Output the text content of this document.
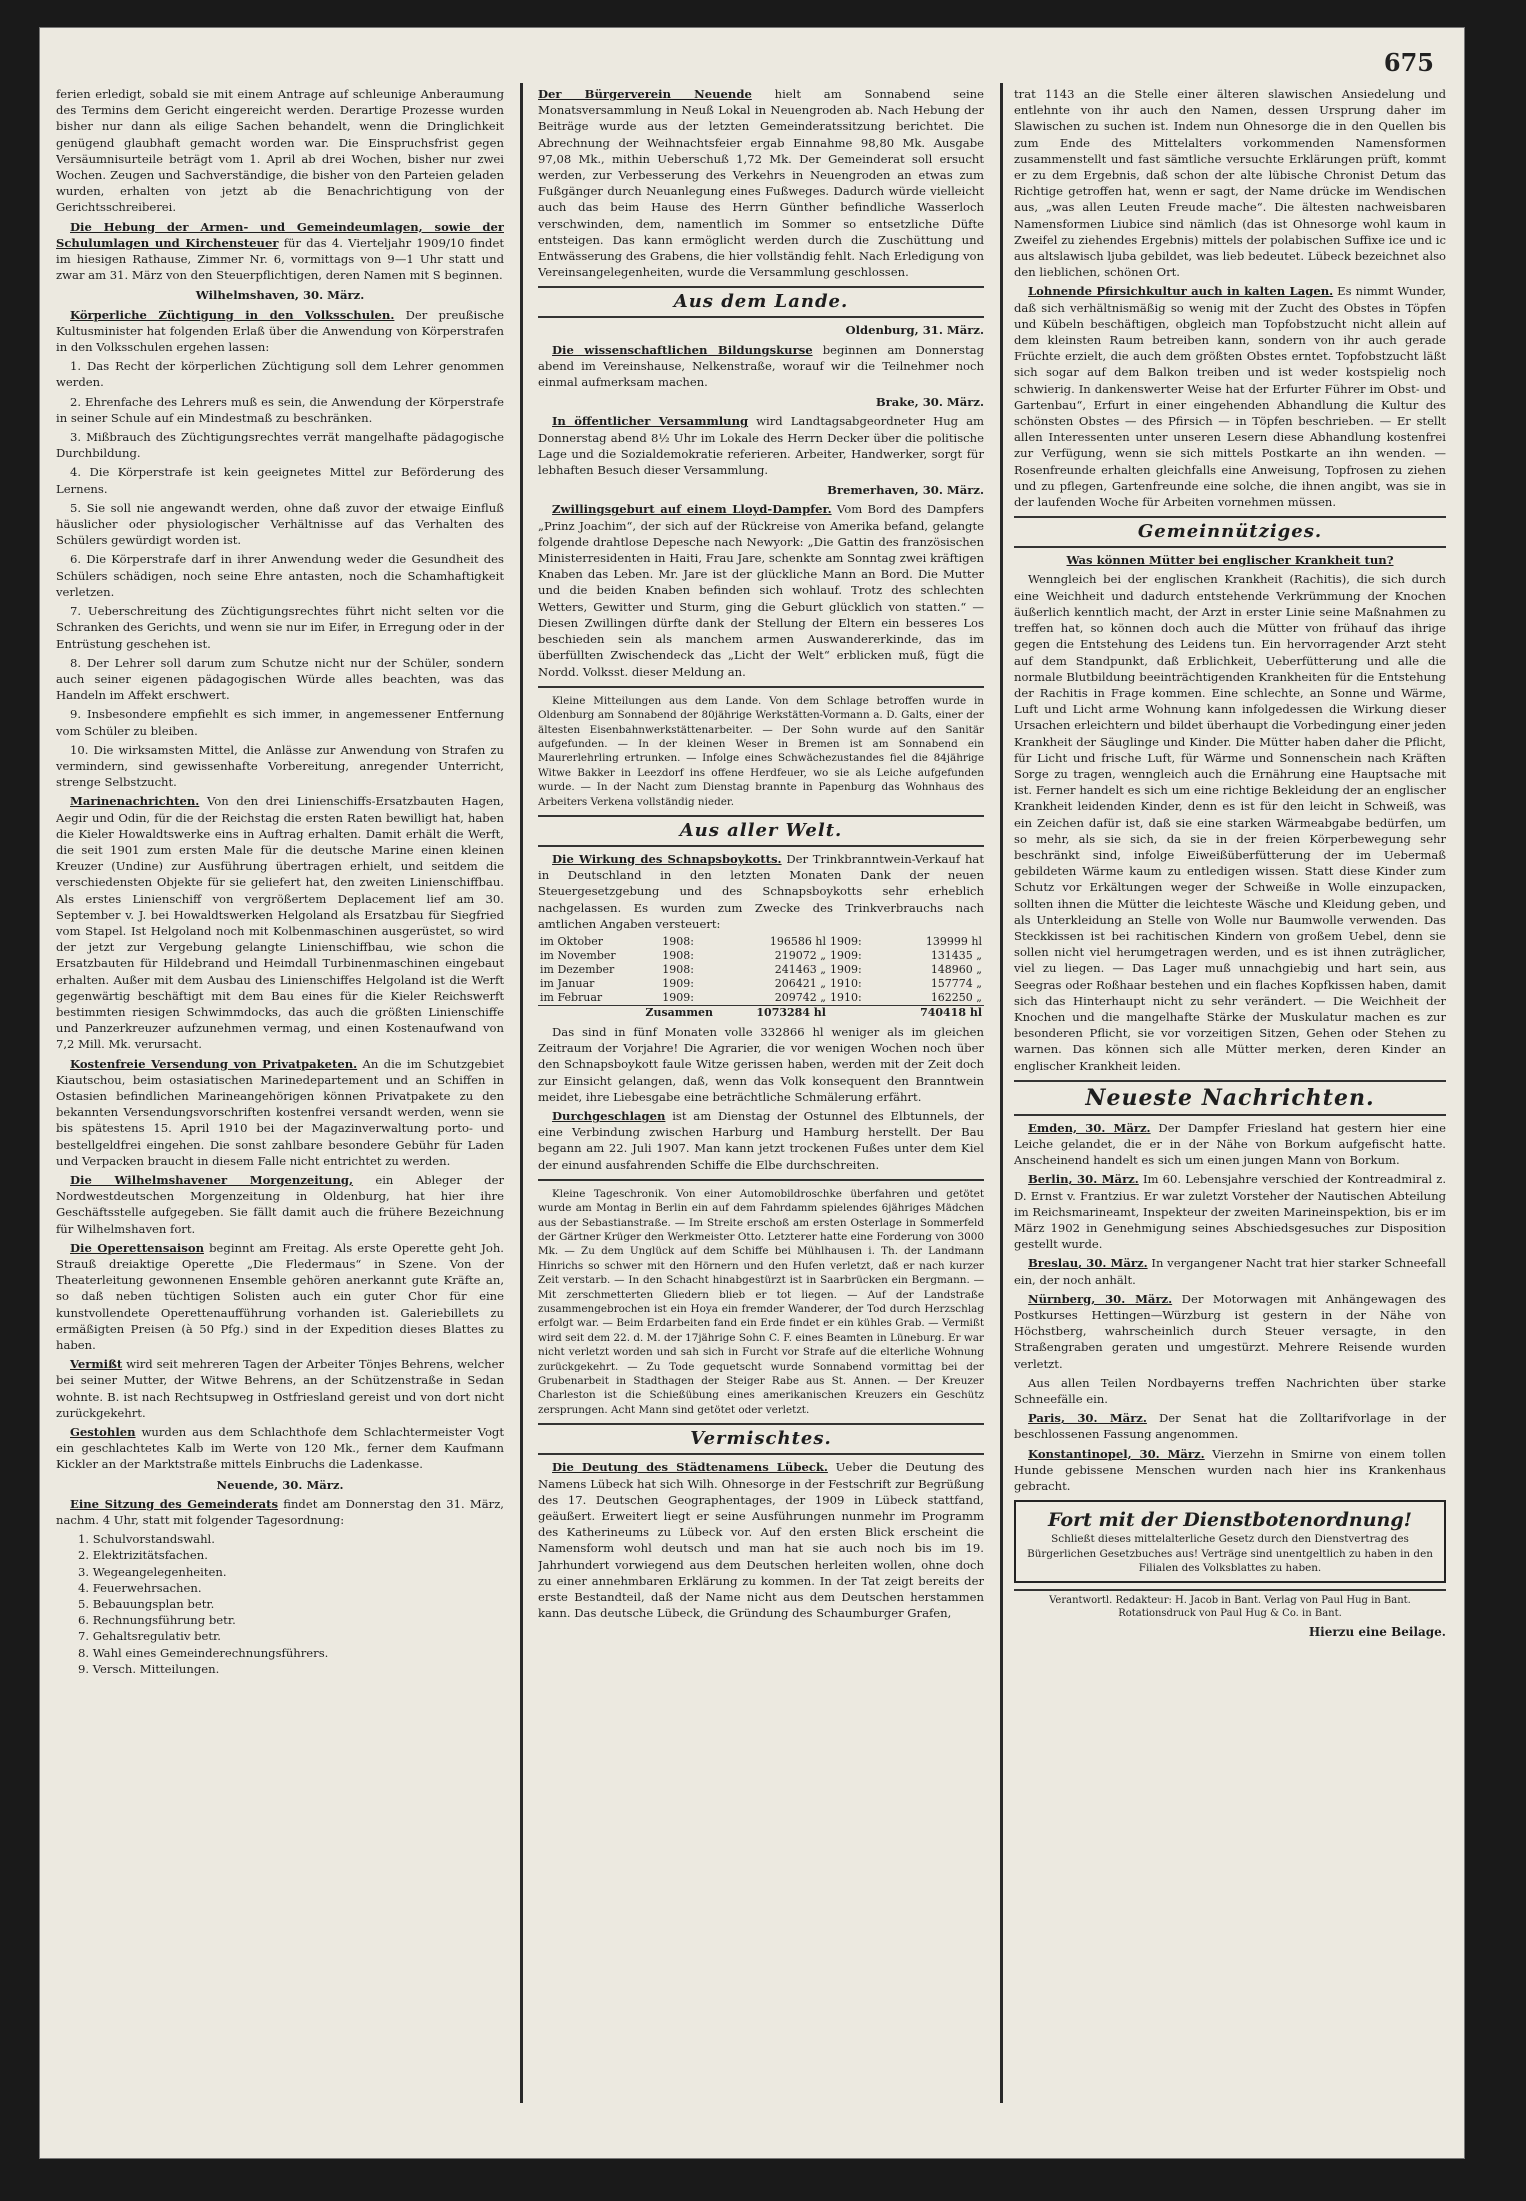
675

ferien erledigt, sobald sie mit einem Antrage auf schleunige Anberaumung des Termins dem Gericht eingereicht werden. Derartige Prozesse wurden bisher nur dann als eilige Sachen behandelt, wenn die Dringlichkeit genügend glaubhaft gemacht worden war. Die Einspruchsfrist gegen Versäumnisurteile beträgt vom 1. April ab drei Wochen, bisher nur zwei Wochen. Zeugen und Sachverständige, die bisher von den Parteien geladen wurden, erhalten von jetzt ab die Benachrichtigung von der Gerichtsschreiberei.

Die Hebung der Armen- und Gemeindeumlagen, sowie der Schulumlagen und Kirchensteuer für das 4. Vierteljahr 1909/10 findet im hiesigen Rathause, Zimmer Nr. 6, vormittags von 9—1 Uhr statt und zwar am 31. März von den Steuerpflichtigen, deren Namen mit S beginnen.

Wilhelmshaven, 30. März.

Körperliche Züchtigung in den Volksschulen. Der preußische Kultusminister hat folgenden Erlaß über die Anwendung von Körperstrafen in den Volksschulen ergehen lassen:

1. Das Recht der körperlichen Züchtigung soll dem Lehrer genommen werden.

2. Ehrenfache des Lehrers muß es sein, die Anwendung der Körperstrafe in seiner Schule auf ein Mindestmaß zu beschränken.

3. Mißbrauch des Züchtigungsrechtes verrät mangelhafte pädagogische Durchbildung.

4. Die Körperstrafe ist kein geeignetes Mittel zur Beförderung des Lernens.

5. Sie soll nie angewandt werden, ohne daß zuvor der etwaige Einfluß häuslicher oder physiologischer Verhältnisse auf das Verhalten des Schülers gewürdigt worden ist.

6. Die Körperstrafe darf in ihrer Anwendung weder die Gesundheit des Schülers schädigen, noch seine Ehre antasten, noch die Schamhaftigkeit verletzen.

7. Ueberschreitung des Züchtigungsrechtes führt nicht selten vor die Schranken des Gerichts, und wenn sie nur im Eifer, in Erregung oder in der Entrüstung geschehen ist.

8. Der Lehrer soll darum zum Schutze nicht nur der Schüler, sondern auch seiner eigenen pädagogischen Würde alles beachten, was das Handeln im Affekt erschwert.

9. Insbesondere empfiehlt es sich immer, in angemessener Entfernung vom Schüler zu bleiben.

10. Die wirksamsten Mittel, die Anlässe zur Anwendung von Strafen zu vermindern, sind gewissenhafte Vorbereitung, anregender Unterricht, strenge Selbstzucht.

Marinenachrichten. Von den drei Linienschiffs-Ersatzbauten Hagen, Aegir und Odin, für die der Reichstag die ersten Raten bewilligt hat, haben die Kieler Howaldtswerke eins in Auftrag erhalten. Damit erhält die Werft, die seit 1901 zum ersten Male für die deutsche Marine einen kleinen Kreuzer (Undine) zur Ausführung übertragen erhielt, und seitdem die verschiedensten Objekte für sie geliefert hat, den zweiten Linienschiffbau. Als erstes Linienschiff von vergrößertem Deplacement lief am 30. September v. J. bei Howaldtswerken Helgoland als Ersatzbau für Siegfried vom Stapel. Ist Helgoland noch mit Kolbenmaschinen ausgerüstet, so wird der jetzt zur Vergebung gelangte Linienschiffbau, wie schon die Ersatzbauten für Hildebrand und Heimdall Turbinenmaschinen eingebaut erhalten. Außer mit dem Ausbau des Linienschiffes Helgoland ist die Werft gegenwärtig beschäftigt mit dem Bau eines für die Kieler Reichswerft bestimmten riesigen Schwimmdocks, das auch die größten Linienschiffe und Panzerkreuzer aufzunehmen vermag, und einen Kostenaufwand von 7,2 Mill. Mk. verursacht.

Kostenfreie Versendung von Privatpaketen. An die im Schutzgebiet Kiautschou, beim ostasiatischen Marinedepartement und an Schiffen in Ostasien befindlichen Marineangehörigen können Privatpakete zu den bekannten Versendungsvorschriften kostenfrei versandt werden, wenn sie bis spätestens 15. April 1910 bei der Magazinverwaltung porto- und bestellgeldfrei eingehen. Die sonst zahlbare besondere Gebühr für Laden und Verpacken braucht in diesem Falle nicht entrichtet zu werden.

Die Wilhelmshavener Morgenzeitung, ein Ableger der Nordwestdeutschen Morgenzeitung in Oldenburg, hat hier ihre Geschäftsstelle aufgegeben. Sie fällt damit auch die frühere Bezeichnung für Wilhelmshaven fort.

Die Operettensaison beginnt am Freitag. Als erste Operette geht Joh. Strauß dreiaktige Operette „Die Fledermaus“ in Szene. Von der Theaterleitung gewonnenen Ensemble gehören anerkannt gute Kräfte an, so daß neben tüchtigen Solisten auch ein guter Chor für eine kunstvollendete Operettenaufführung vorhanden ist. Galeriebillets zu ermäßigten Preisen (à 50 Pfg.) sind in der Expedition dieses Blattes zu haben.

Vermißt wird seit mehreren Tagen der Arbeiter Tönjes Behrens, welcher bei seiner Mutter, der Witwe Behrens, an der Schützenstraße in Sedan wohnte. B. ist nach Rechtsupweg in Ostfriesland gereist und von dort nicht zurückgekehrt.

Gestohlen wurden aus dem Schlachthofe dem Schlachtermeister Vogt ein geschlachtetes Kalb im Werte von 120 Mk., ferner dem Kaufmann Kickler an der Marktstraße mittels Einbruchs die Ladenkasse.

Neuende, 30. März.

Eine Sitzung des Gemeinderats findet am Donnerstag den 31. März, nachm. 4 Uhr, statt mit folgender Tagesordnung:

1. Schulvorstandswahl.
2. Elektrizitätsfachen.
3. Wegeangelegenheiten.
4. Feuerwehrsachen.
5. Bebauungsplan betr.
6. Rechnungsführung betr.
7. Gehaltsregulativ betr.
8. Wahl eines Gemeinderechnungsführers.
9. Versch. Mitteilungen.

Der Bürgerverein Neuende hielt am Sonnabend seine Monatsversammlung in Neuß Lokal in Neuengroden ab. Nach Hebung der Beiträge wurde aus der letzten Gemeinderatssitzung berichtet. Die Abrechnung der Weihnachtsfeier ergab Einnahme 98,80 Mk. Ausgabe 97,08 Mk., mithin Ueberschuß 1,72 Mk. Der Gemeinderat soll ersucht werden, zur Verbesserung des Verkehrs in Neuengroden an etwas zum Fußgänger durch Neuanlegung eines Fußweges. Dadurch würde vielleicht auch das beim Hause des Herrn Günther befindliche Wasserloch verschwinden, dem, namentlich im Sommer so entsetzliche Düfte entsteigen. Das kann ermöglicht werden durch die Zuschüttung und Entwässerung des Grabens, die hier vollständig fehlt. Nach Erledigung von Vereinsangelegenheiten, wurde die Versammlung geschlossen.

Aus dem Lande.
Oldenburg, 31. März.

Die wissenschaftlichen Bildungskurse beginnen am Donnerstag abend im Vereinshause, Nelkenstraße, worauf wir die Teilnehmer noch einmal aufmerksam machen.

Brake, 30. März.

In öffentlicher Versammlung wird Landtagsabgeordneter Hug am Donnerstag abend 8½ Uhr im Lokale des Herrn Decker über die politische Lage und die Sozialdemokratie referieren. Arbeiter, Handwerker, sorgt für lebhaften Besuch dieser Versammlung.

Bremerhaven, 30. März.

Zwillingsgeburt auf einem Lloyd-Dampfer. Vom Bord des Dampfers „Prinz Joachim“, der sich auf der Rückreise von Amerika befand, gelangte folgende drahtlose Depesche nach Newyork: „Die Gattin des französischen Ministerresidenten in Haiti, Frau Jare, schenkte am Sonntag zwei kräftigen Knaben das Leben. Mr. Jare ist der glückliche Mann an Bord. Die Mutter und die beiden Knaben befinden sich wohlauf. Trotz des schlechten Wetters, Gewitter und Sturm, ging die Geburt glücklich von statten.“ — Diesen Zwillingen dürfte dank der Stellung der Eltern ein besseres Los beschieden sein als manchem armen Auswandererkinde, das im überfüllten Zwischendeck das „Licht der Welt“ erblicken muß, fügt die Nordd. Volksst. dieser Meldung an.

Kleine Mitteilungen aus dem Lande. Von dem Schlage betroffen wurde in Oldenburg am Sonnabend der 80jährige Werkstätten-Vormann a. D. Galts, einer der ältesten Eisenbahnwerkstättenarbeiter. — Der Sohn wurde auf den Sanitär aufgefunden. — In der kleinen Weser in Bremen ist am Sonnabend ein Maurerlehrling ertrunken. — Infolge eines Schwächezustandes fiel die 84jährige Witwe Bakker in Leezdorf ins offene Herdfeuer, wo sie als Leiche aufgefunden wurde. — In der Nacht zum Dienstag brannte in Papenburg das Wohnhaus des Arbeiters Verkena vollständig nieder.

Aus aller Welt.

Die Wirkung des Schnapsboykotts. Der Trinkbranntwein-Verkauf hat in Deutschland in den letzten Monaten Dank der neuen Steuergesetzgebung und des Schnapsboykotts sehr erheblich nachgelassen. Es wurden zum Zwecke des Trinkverbrauchs nach amtlichen Angaben versteuert:

im Oktober	1908:	196586 hl	1909:	139999 hl
im November	1908:	219072 „	1909:	131435 „
im Dezember	1908:	241463 „	1909:	148960 „
im Januar	1909:	206421 „	1910:	157774 „
im Februar	1909:	209742 „	1910:	162250 „
Zusammen		1073284 hl		740418 hl

Das sind in fünf Monaten volle 332866 hl weniger als im gleichen Zeitraum der Vorjahre! Die Agrarier, die vor wenigen Wochen noch über den Schnapsboykott faule Witze gerissen haben, werden mit der Zeit doch zur Einsicht gelangen, daß, wenn das Volk konsequent den Branntwein meidet, ihre Liebesgabe eine beträchtliche Schmälerung erfährt.

Durchgeschlagen ist am Dienstag der Ostunnel des Elbtunnels, der eine Verbindung zwischen Harburg und Hamburg herstellt. Der Bau begann am 22. Juli 1907. Man kann jetzt trockenen Fußes unter dem Kiel der einund ausfahrenden Schiffe die Elbe durchschreiten.

Kleine Tageschronik. Von einer Automobildroschke überfahren und getötet wurde am Montag in Berlin ein auf dem Fahrdamm spielendes 6jähriges Mädchen aus der Sebastianstraße. — Im Streite erschoß am ersten Osterlage in Sommerfeld der Gärtner Krüger den Werkmeister Otto. Letzterer hatte eine Forderung von 3000 Mk. — Zu dem Unglück auf dem Schiffe bei Mühlhausen i. Th. der Landmann Hinrichs so schwer mit den Hörnern und den Hufen verletzt, daß er nach kurzer Zeit verstarb. — In den Schacht hinabgestürzt ist in Saarbrücken ein Bergmann. — Mit zerschmetterten Gliedern blieb er tot liegen. — Auf der Landstraße zusammengebrochen ist ein Hoya ein fremder Wanderer, der Tod durch Herzschlag erfolgt war. — Beim Erdarbeiten fand ein Erde findet er ein kühles Grab. — Vermißt wird seit dem 22. d. M. der 17jährige Sohn C. F. eines Beamten in Lüneburg. Er war nicht verletzt worden und sah sich in Furcht vor Strafe auf die elterliche Wohnung zurückgekehrt. — Zu Tode gequetscht wurde Sonnabend vormittag bei der Grubenarbeit in Stadthagen der Steiger Rabe aus St. Annen. — Der Kreuzer Charleston ist die Schießübung eines amerikanischen Kreuzers ein Geschütz zersprungen. Acht Mann sind getötet oder verletzt.

Vermischtes.

Die Deutung des Städtenamens Lübeck. Ueber die Deutung des Namens Lübeck hat sich Wilh. Ohnesorge in der Festschrift zur Begrüßung des 17. Deutschen Geographentages, der 1909 in Lübeck stattfand, geäußert. Erweitert liegt er seine Ausführungen nunmehr im Programm des Katherineums zu Lübeck vor. Auf den ersten Blick erscheint die Namensform wohl deutsch und man hat sie auch noch bis im 19. Jahrhundert vorwiegend aus dem Deutschen herleiten wollen, ohne doch zu einer annehmbaren Erklärung zu kommen. In der Tat zeigt bereits der erste Bestandteil, daß der Name nicht aus dem Deutschen herstammen kann. Das deutsche Lübeck, die Gründung des Schaumburger Grafen,

trat 1143 an die Stelle einer älteren slawischen Ansiedelung und entlehnte von ihr auch den Namen, dessen Ursprung daher im Slawischen zu suchen ist. Indem nun Ohnesorge die in den Quellen bis zum Ende des Mittelalters vorkommenden Namensformen zusammenstellt und fast sämtliche versuchte Erklärungen prüft, kommt er zu dem Ergebnis, daß schon der alte lübische Chronist Detum das Richtige getroffen hat, wenn er sagt, der Name drücke im Wendischen aus, „was allen Leuten Freude mache“. Die ältesten nachweisbaren Namensformen Liubice sind nämlich (das ist Ohnesorge wohl kaum in Zweifel zu ziehendes Ergebnis) mittels der polabischen Suffixe ice und ic aus altslawisch ljuba gebildet, was lieb bedeutet. Lübeck bezeichnet also den lieblichen, schönen Ort.

Lohnende Pfirsichkultur auch in kalten Lagen. Es nimmt Wunder, daß sich verhältnismäßig so wenig mit der Zucht des Obstes in Töpfen und Kübeln beschäftigen, obgleich man Topfobstzucht nicht allein auf dem kleinsten Raum betreiben kann, sondern von ihr auch gerade Früchte erzielt, die auch dem größten Obstes erntet. Topfobstzucht läßt sich sogar auf dem Balkon treiben und ist weder kostspielig noch schwierig. In dankenswerter Weise hat der Erfurter Führer im Obst- und Gartenbau“, Erfurt in einer eingehenden Abhandlung die Kultur des schönsten Obstes — des Pfirsich — in Töpfen beschrieben. — Er stellt allen Interessenten unter unseren Lesern diese Abhandlung kostenfrei zur Verfügung, wenn sie sich mittels Postkarte an ihn wenden. — Rosenfreunde erhalten gleichfalls eine Anweisung, Topfrosen zu ziehen und zu pflegen, Gartenfreunde eine solche, die ihnen angibt, was sie in der laufenden Woche für Arbeiten vornehmen müssen.

Gemeinnütziges.
Was können Mütter bei englischer Krankheit tun?

Wenngleich bei der englischen Krankheit (Rachitis), die sich durch eine Weichheit und dadurch entstehende Verkrümmung der Knochen äußerlich kenntlich macht, der Arzt in erster Linie seine Maßnahmen zu treffen hat, so können doch auch die Mütter von frühauf das ihrige gegen die Entstehung des Leidens tun. Ein hervorragender Arzt steht auf dem Standpunkt, daß Erblichkeit, Ueberfütterung und alle die normale Blutbildung beeinträchtigenden Krankheiten für die Entstehung der Rachitis in Frage kommen. Eine schlechte, an Sonne und Wärme, Luft und Licht arme Wohnung kann infolgedessen die Wirkung dieser Ursachen erleichtern und bildet überhaupt die Vorbedingung einer jeden Krankheit der Säuglinge und Kinder. Die Mütter haben daher die Pflicht, für Licht und frische Luft, für Wärme und Sonnenschein nach Kräften Sorge zu tragen, wenngleich auch die Ernährung eine Hauptsache mit ist. Ferner handelt es sich um eine richtige Bekleidung der an englischer Krankheit leidenden Kinder, denn es ist für den leicht in Schweiß, was ein Zeichen dafür ist, daß sie eine starken Wärmeabgabe bedürfen, um so mehr, als sie sich, da sie in der freien Körperbewegung sehr beschränkt sind, infolge Eiweißüberfütterung der im Uebermaß gebildeten Wärme kaum zu entledigen wissen. Statt diese Kinder zum Schutz vor Erkältungen weger der Schweiße in Wolle einzupacken, sollten ihnen die Mütter die leichteste Wäsche und Kleidung geben, und als Unterkleidung an Stelle von Wolle nur Baumwolle verwenden. Das Steckkissen ist bei rachitischen Kindern von großem Uebel, denn sie sollen nicht viel herumgetragen werden, und es ist ihnen zuträglicher, viel zu liegen. — Das Lager muß unnachgiebig und hart sein, aus Seegras oder Roßhaar bestehen und ein flaches Kopfkissen haben, damit sich das Hinterhaupt nicht zu sehr verändert. — Die Weichheit der Knochen und die mangelhafte Stärke der Muskulatur machen es zur besonderen Pflicht, sie vor vorzeitigen Sitzen, Gehen oder Stehen zu warnen. Das können sich alle Mütter merken, deren Kinder an englischer Krankheit leiden.

Neueste Nachrichten.

Emden, 30. März. Der Dampfer Friesland hat gestern hier eine Leiche gelandet, die er in der Nähe von Borkum aufgefischt hatte. Anscheinend handelt es sich um einen jungen Mann von Borkum.

Berlin, 30. März. Im 60. Lebensjahre verschied der Kontreadmiral z. D. Ernst v. Frantzius. Er war zuletzt Vorsteher der Nautischen Abteilung im Reichsmarineamt, Inspekteur der zweiten Marineinspektion, bis er im März 1902 in Genehmigung seines Abschiedsgesuches zur Disposition gestellt wurde.

Breslau, 30. März. In vergangener Nacht trat hier starker Schneefall ein, der noch anhält.

Nürnberg, 30. März. Der Motorwagen mit Anhängewagen des Postkurses Hettingen—Würzburg ist gestern in der Nähe von Höchstberg, wahrscheinlich durch Steuer versagte, in den Straßengraben geraten und umgestürzt. Mehrere Reisende wurden verletzt.

Aus allen Teilen Nordbayerns treffen Nachrichten über starke Schneefälle ein.

Paris, 30. März. Der Senat hat die Zolltarifvorlage in der beschlossenen Fassung angenommen.

Konstantinopel, 30. März. Vierzehn in Smirne von einem tollen Hunde gebissene Menschen wurden nach hier ins Krankenhaus gebracht.

Fort mit der Dienstbotenordnung!
Schließt dieses mittelalterliche Gesetz durch den Dienstvertrag des Bürgerlichen Gesetzbuches aus! Verträge sind unentgeltlich zu haben in den Filialen des Volksblattes zu haben.
Verantwortl. Redakteur: H. Jacob in Bant. Verlag von Paul Hug in Bant. Rotationsdruck von Paul Hug & Co. in Bant.
Hierzu eine Beilage.
